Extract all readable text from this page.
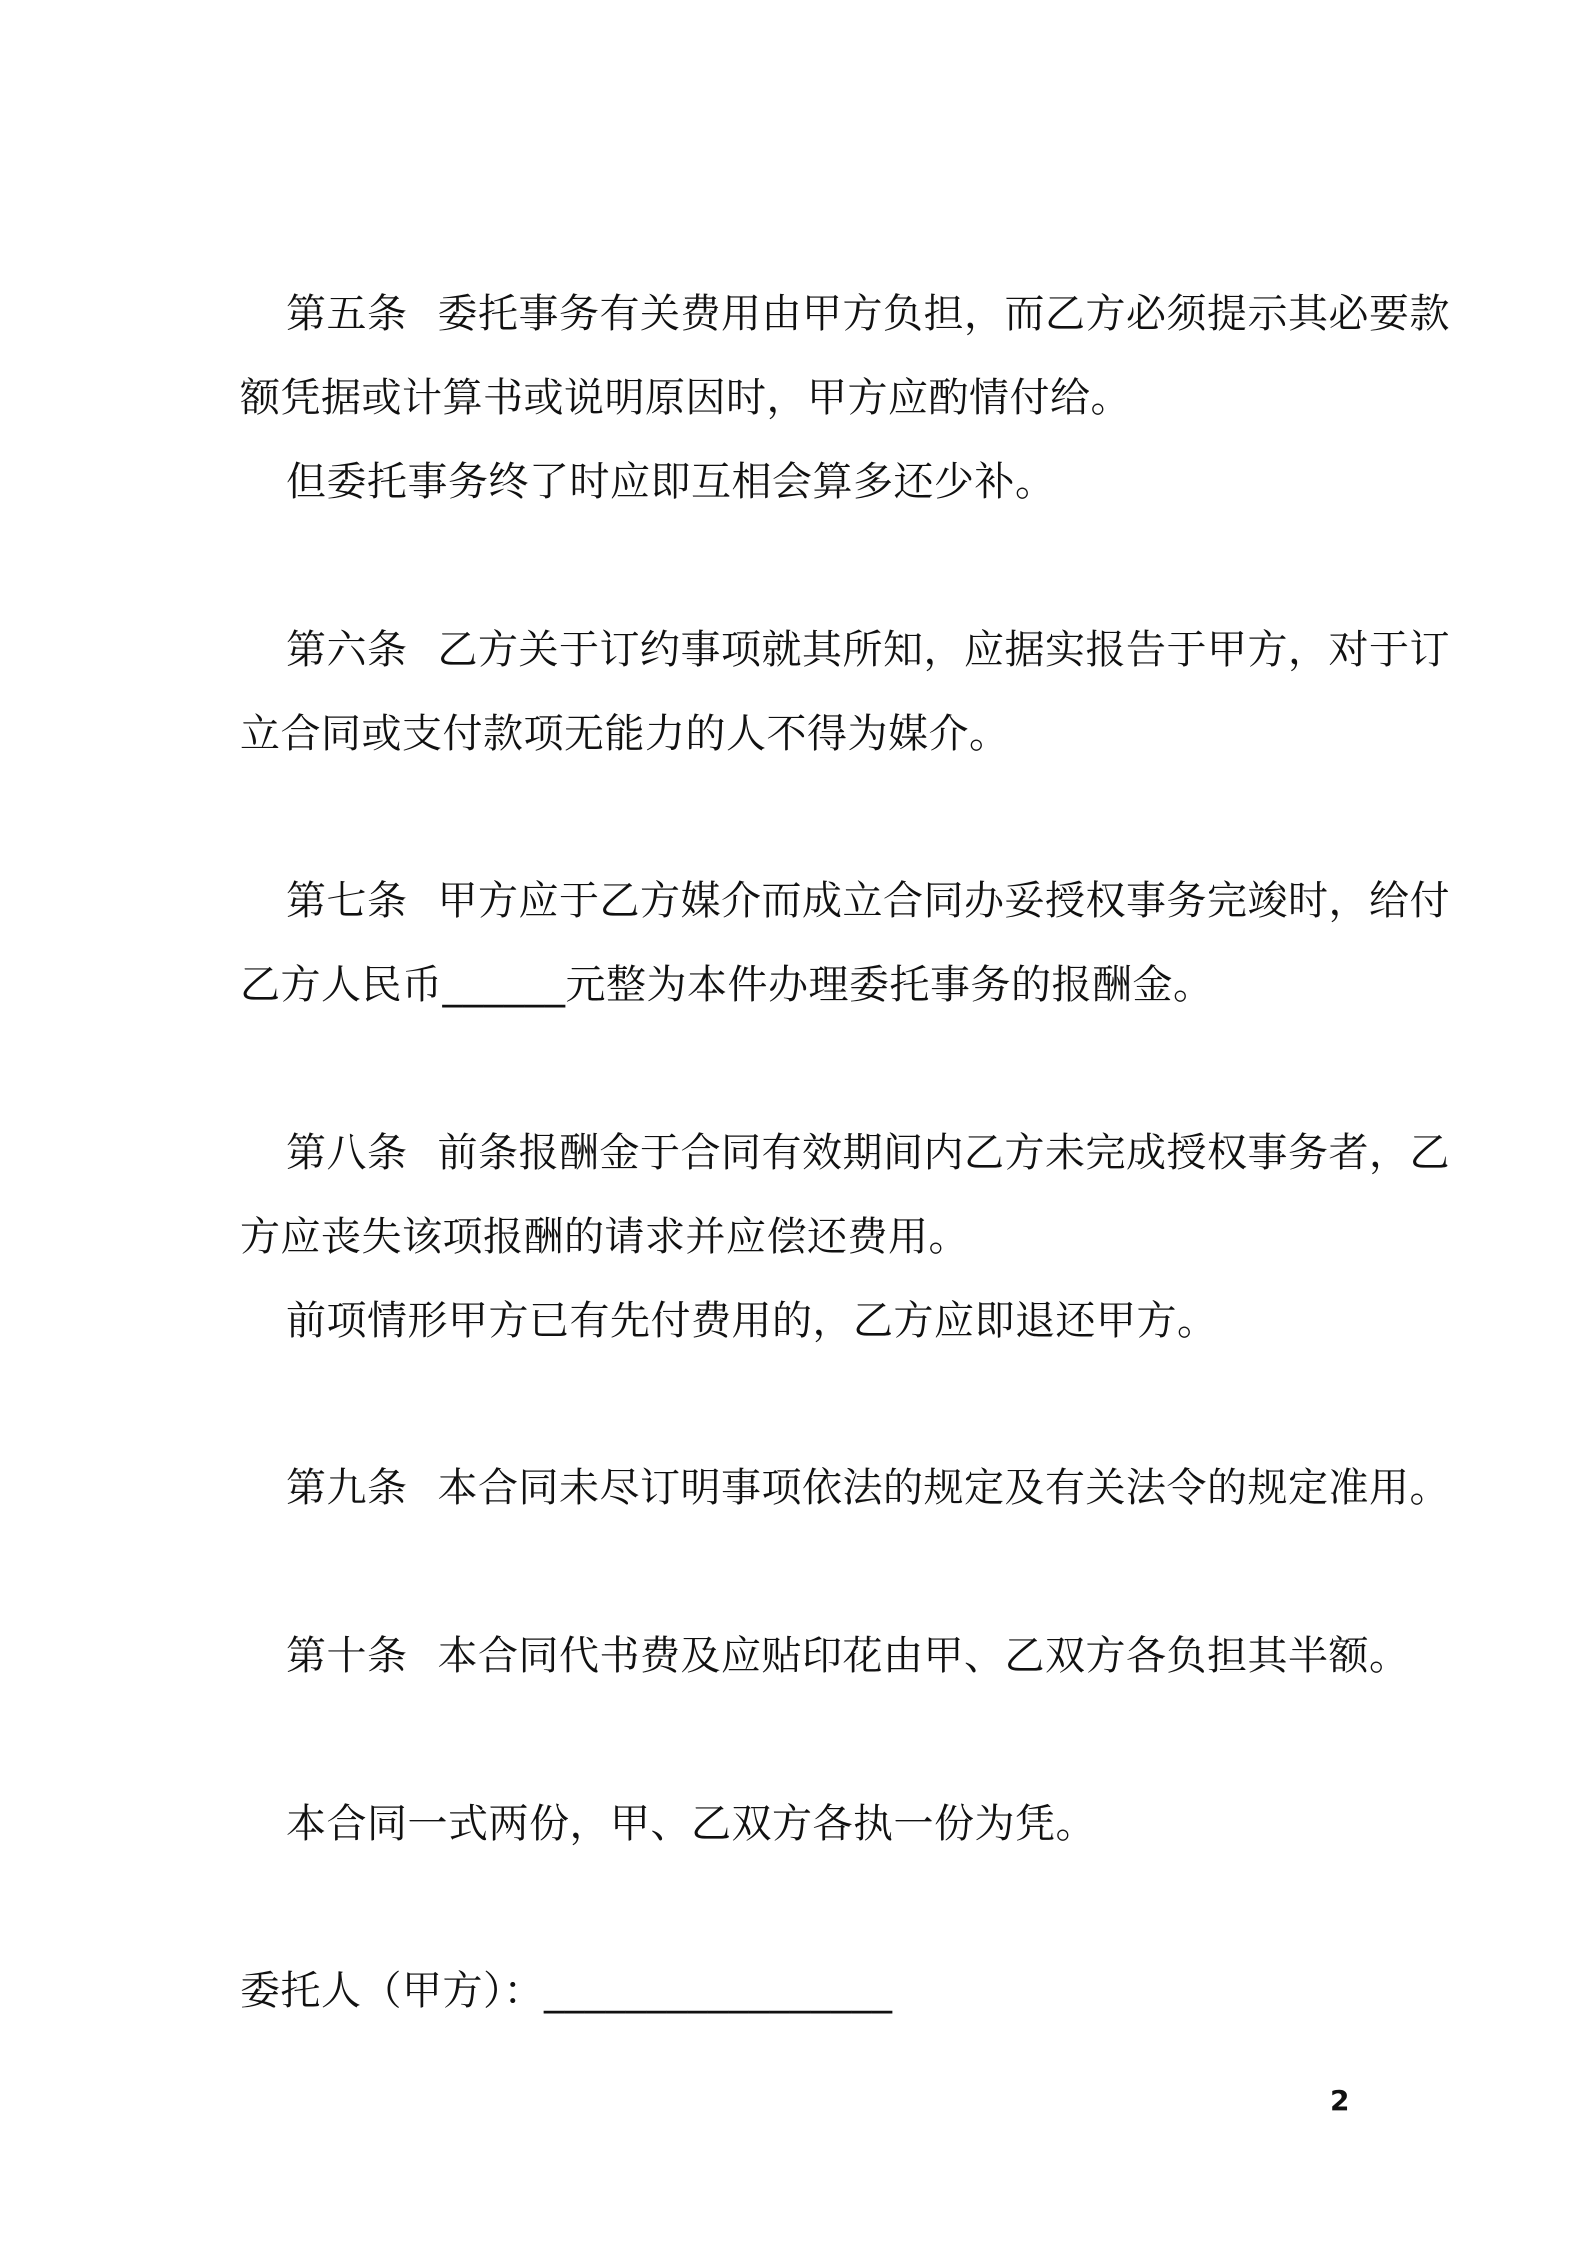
第五条 委托事务有关费用由甲方负担，而乙方必须提示其必要款
额凭据或计算书或说明原因时，甲方应酌情付给。
但委托事务终了时应即互相会算多还少补。
第六条 乙方关于订约事项就其所知，应据实报告于甲方，对于订
立合同或支付款项无能力的人不得为媒介。
第七条 甲方应于乙方媒介而成立合同办妥授权事务完竣时，给付
乙方人民币______元整为本件办理委托事务的报酬金。
第八条 前条报酬金于合同有效期间内乙方未完成授权事务者，乙
方应丧失该项报酬的请求并应偿还费用。
前项情形甲方已有先付费用的，乙方应即退还甲方。
第九条 本合同未尽订明事项依法的规定及有关法令的规定准用。
第十条 本合同代书费及应贴印花由甲、乙双方各负担其半额。
本合同一式两份，甲、乙双方各执一份为凭。
委托人（甲方）：_________________
2
